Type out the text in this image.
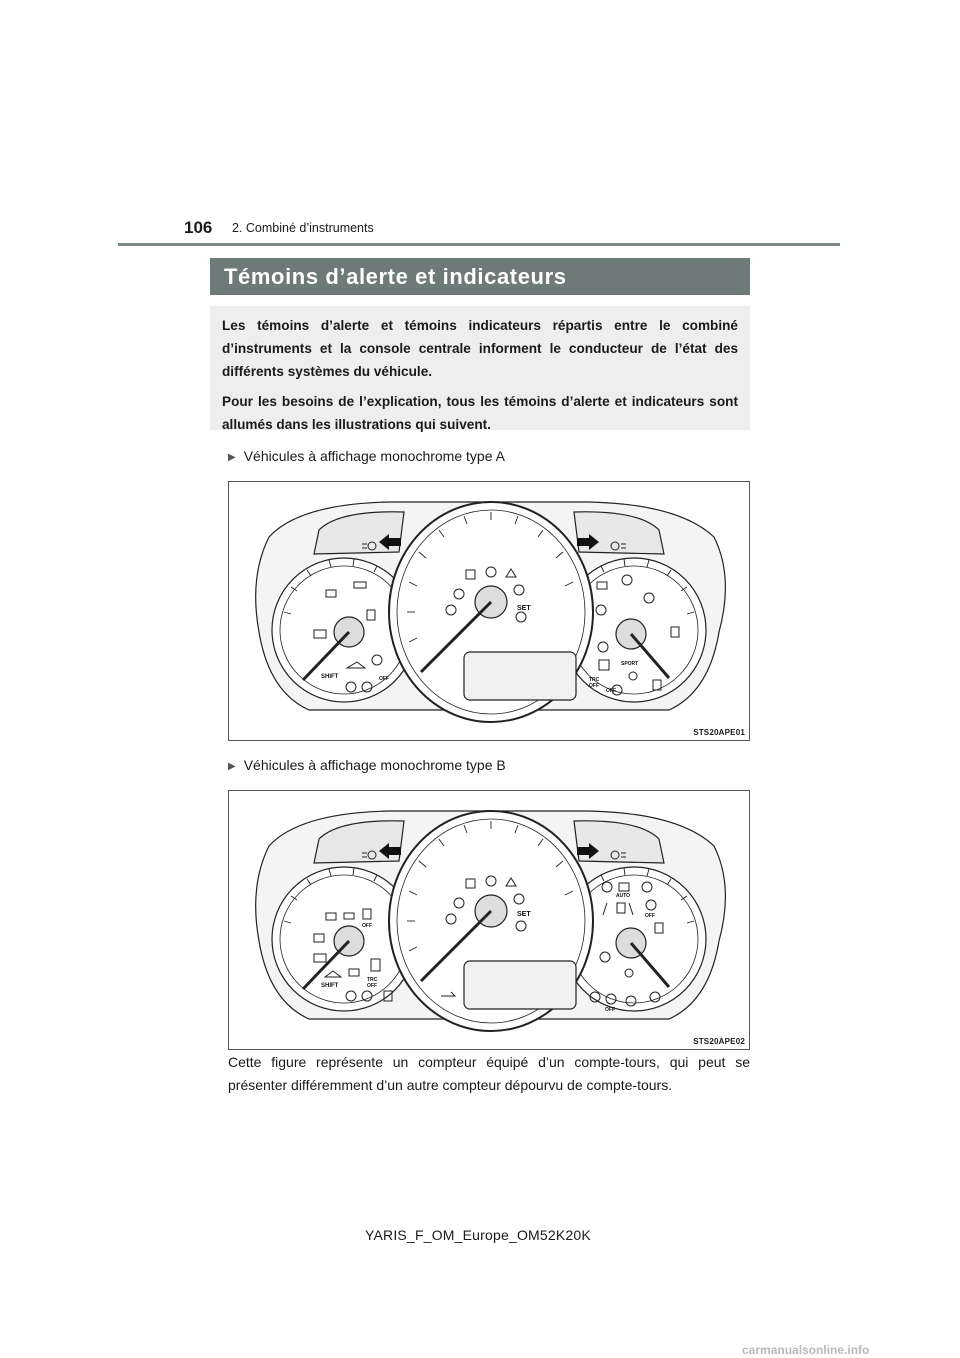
106 2. Combiné d’instruments
Témoins d’alerte et indicateurs

Les témoins d’alerte et témoins indicateurs répartis entre le combiné d’instruments et la console centrale informent le conducteur de l’état des différents systèmes du véhicule.

Pour les besoins de l’explication, tous les témoins d’alerte et indicateurs sont allumés dans les illustrations qui suivent.

▶ Véhicules à affichage monochrome type A
SET
SHIFT	OFF
SPORT
TRC
OFF
OFF
STS20APE01
▶ Véhicules à affichage monochrome type B
SET
SHIFT
OFF
AUTO
TRC
OFF
OFF
OFF
STS20APE02
Cette figure représente un compteur équipé d’un compte-tours, qui peut se présenter différemment d’un autre compteur dépourvu de compte-tours.
YARIS_F_OM_Europe_OM52K20K
carmanualsonline.info
